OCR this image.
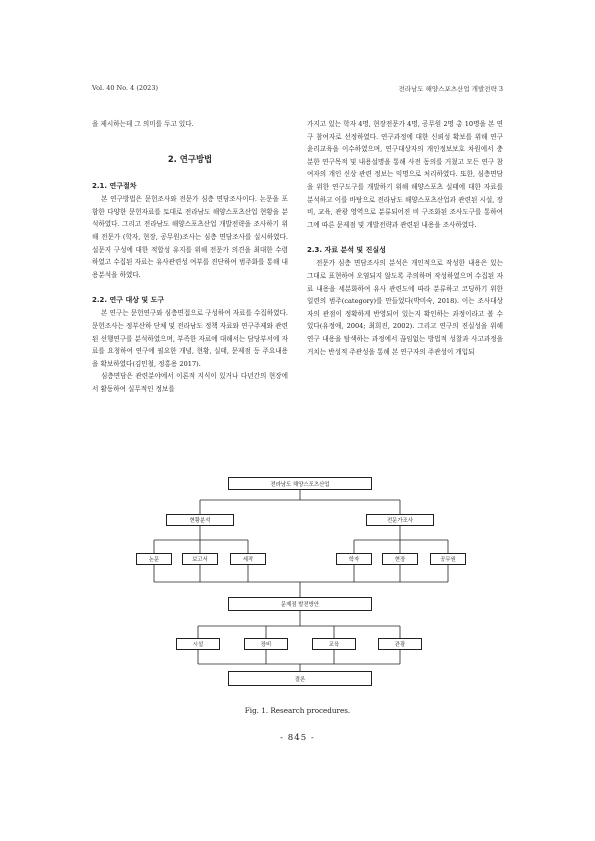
Vol. 40 No. 4 (2023)	전라남도 해양스포츠산업 개발전략 3

을 제시하는데 그 의미를 두고 있다.

2. 연구방법
2.1. 연구절차

본 연구방법은 문헌조사와 전문가 심층 면담조사이다. 논문을 포함한 다양한 문헌자료를 토대로 전라남도 해양스포츠산업 현황을 분석하였다. 그리고 전라남도 해양스포츠산업 개발전략을 조사하기 위해 전문가 (학자, 현장, 공무원)조사는 심층 면담조사를 실시하였다. 설문지 구성에 대한 적합성 유지를 위해 전문가 의견을 최대한 수렴하였고 수집된 자료는 유사관련성 여부를 진단하여 범주화를 통해 내용분석을 하였다.

2.2. 연구 대상 및 도구

본 연구는 문헌연구와 심층면접으로 구성하여 자료를 수집하였다. 문헌조사는 정부산하 단체 및 전라남도 정책 자료와 연구주제와 관련된 선행연구를 분석하였으며, 부족한 자료에 대해서는 담당부서에 자료를 요청하여 연구에 필요한 개념, 현황, 실태, 문제점 등 주요내용을 확보하였다(김민철, 정홍용 2017).

심층면담은 관련분야에서 이론적 지식이 있거나 다년간의 현장에서 활동하여 실무적인 정보를

가지고 있는 학자 4명, 현장전문가 4명, 공무원 2명 총 10명을 본 연구 참여자로 선정하였다. 연구과정에 대한 신뢰성 확보를 위해 연구윤리교육을 이수하였으며, 연구대상자의 개인정보보호 차원에서 충분한 연구목적 및 내용설명을 통해 사전 동의를 거쳤고 모든 연구 참여자의 개인 신상 관련 정보는 익명으로 처리하였다. 또한, 심층면담을 위한 연구도구를 개발하기 위해 해양스포츠 실태에 대한 자료를 분석하고 이를 바탕으로 전라남도 해양스포츠산업과 관련된 시설, 장비, 교육, 관광 영역으로 분류되어진 비 구조화된 조사도구를 통하여 그에 따른 문제점 및 개발전략과 관련된 내용을 조사하였다.

2.3. 자료 분석 및 진실성

전문가 심층 면담조사의 분석은 개인적으로 작성한 내용은 있는 그대로 표현하여 오염되지 않도록 주의하며 작성하였으며 수집된 자료 내용을 세분화하여 유사 관련도에 따라 분류하고 코딩하기 위한 일련의 범주(category)를 만들었다(박미숙, 2018). 이는 조사대상자의 관점이 정확하게 반영되어 있는지 확인하는 과정이라고 볼 수 있다(유정애, 2004; 최희진, 2002). 그리고 연구의 진실성을 위해 연구 내용을 탐색하는 과정에서 끊임없는 방법적 성찰과 사고과정을 거치는 반성적 주관성을 통해 본 연구자의 주관성이 개입되

전라남도 해양스포츠산업
현황분석	전문가조사
논문	보고서	세작	학자	현장	공무원
문제점 발전방안
시설	장비	교육	관광
결론
Fig. 1. Research procedures.
- 845 -
